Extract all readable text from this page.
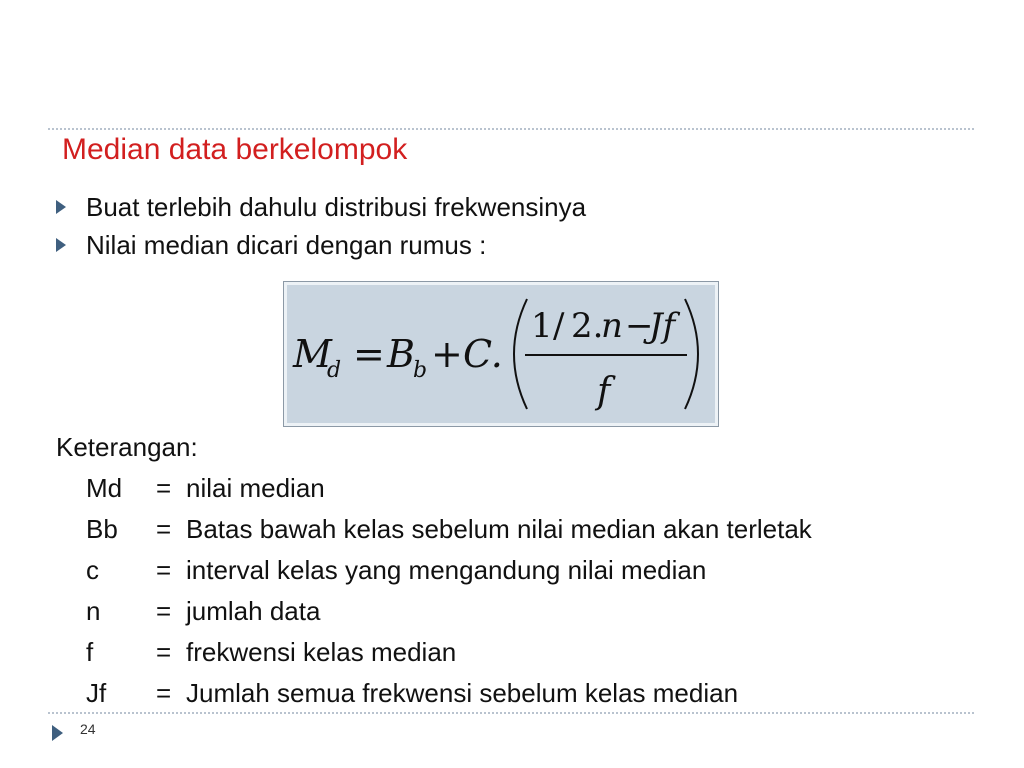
Median data berkelompok
Buat terlebih dahulu distribusi frekwensinya
Nilai median dicari dengan rumus :
M
d = B
b + C.
1 / 2.
n −
Jf
f
Keterangan:
Md	= nilai median
Bb	= Batas bawah kelas sebelum nilai median akan terletak
c	= interval kelas yang mengandung nilai median
n	= jumlah data
f	= frekwensi kelas median
Jf	= Jumlah semua frekwensi sebelum kelas median
24
